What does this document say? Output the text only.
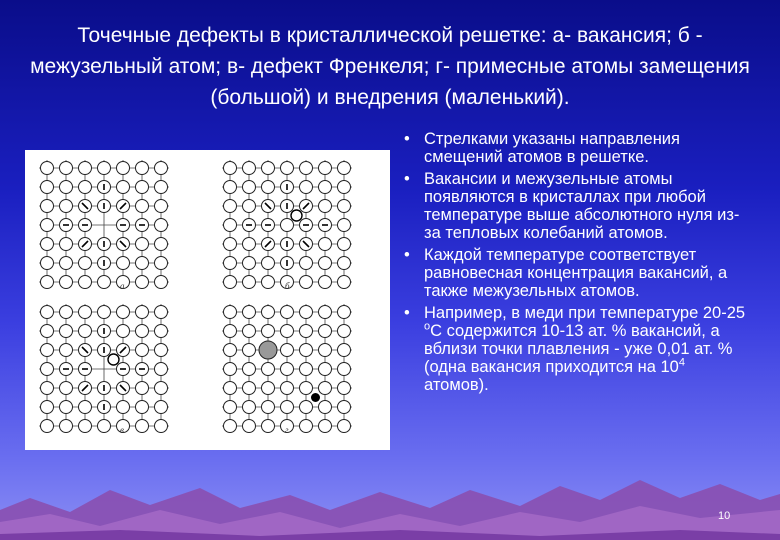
Точечные дефекты в кристаллической решетке: а- вакансия; б - межузельный атом; в- дефект Френкеля; г- примесные атомы замещения (большой) и внедрения (маленький).
а	б
в	г
• Стрелками указаны направления смещений атомов в решетке.
• Вакансии и межузельные атомы появляются в кристаллах при любой температуре выше абсолютного нуля из-за тепловых колебаний атомов.
• Каждой температуре соответствует равновесная концентрация вакансий, а также межузельных атомов.
• Например, в меди при температуре 20-25 $^о$С содержится 10-13 ат. % вакансий, а вблизи точки плавления - уже 0,01 ат. % (одна вакансия приходится на $10^4$ атомов).
10
